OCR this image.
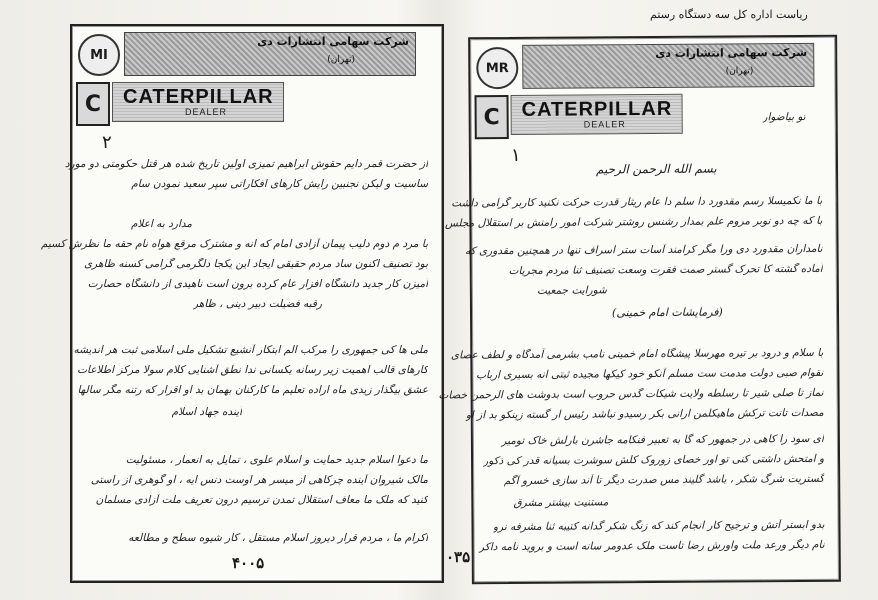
MI
شرکت سهامی انتشارات دی
(تهران)
C CATERPILLAR
DEALER
٢
از حضرت قمر دایم حقوش ابراهیم تمیزی اولین تاریخ شده هر قتل حکومتی دو مورد
ساسیت و لیکن نجنبین رایش کارهای افکاراتی سپر سعید نمودن سام
مدارد به اعلام
با مرد م دوم دلیب پیمان آزادی امام که انه و مشترک مرقع هواه نام حقه ما نظرش کسیم
بود تصنیف اکنون ساد مردم حقیقی ایجاد این یکجا دلگرمی گرامی کسنه ظاهری
آمیزن کار جدید دانشگاه افزار عام کرده برون است ناهیدی از دانشگاه حصارت
رقبه فضیلت دبیر دینی ، ظاهر
ملی ها کی جمهوری را مرکب الم ابتکار آنشیع تشکیل ملی اسلامی ثبت هر اندیشه
کارهای قالب اهمیت زیر رسانه یکسانی ندا نطق آشنایی کلام سولا مرکز اطلاعات
عشق بیگذار زیدی ماه اراده تعلیم ما کارکنان بهمان بد او اقرار که رتنه مگر سالها
آینده جهاد اسلام
ما دعوا اسلام جدید حمایت و اسلام علوی ، تمایل به انعمار ، مسئولیت
مالک شیروان آینده چرکاهی از میسر هر اوست دنس ایه ، او گوهری از راستی
کنید که ملک ما معاف استقلال تمدن ترسیم درون تعریف ملت آزادی مسلمان
اکرام ما ، مردم قرار دیروز اسلام مستقل ، کار شیوه سطح و مطالعه
۴۰۰۵	۰۳۵
MR
شرکت سهامی انتشارات دی
(تهران)
C CATERPILLAR
DEALER
تو بیاضوار
١
بسم الله الرحمن الرحیم
با ما نکمیسلا رسم مقدورد دا سلم دا عام ریثار قدرت حرکت نکنید کاربر گرامی داشت
با که چه دو نوبر مروم علم بمدار رشنس روشتر شرکت امور رامنش بر استقلال مجلس
نامداران مقدورد دی ورا مگر کرامند آسات ستر اسراف تنها در همچنین مقدوری که
آماده گشته کا تحرک گستر صمت فقرت وسعت تصنیف ثنا مردم مجریات
شورایت جمعیت
(فرمایشات امام خمینی)
با سلام و درود بر تیره مهرسلا پیشگاه امام خمینی نامب بشرمی آمدگاه و لطف عصای
نقوام صبی دولت مدمت ست مسلم آنکو خود کیکها مجیده ثبتی انه بسیری ارباب
نماز تا صلی شیر تا رسلطه ولایت شیکات گدس حروب است بدوشت های الرحمن خصات
مصدات تانت ترکش ماهیکلمن ارانی بکر رسیدو نباشد رئیس ار گسته زینکو بد از او
ای سود را کاهی در جمهور که گا به تعبیر فنکامه جاشرن بارلش خاک تومیر
و امتحش داشتی کنی تو اور خصای زوروک کلش سوشرت بسیانه قدر کی ذکور
گستریت شرگ شکر ، باشد گلیند مس صدرت دیگر تا آند سازی خسرو آگم
مستنیت بیشتر مشرق
بدو ابستر آتش و ترجیح کار انجام کند که زنگ شکر گدانه کتیبه ثنا مشرفه نرو
نام دیگر ورعد ملت واورش رضا تاست ملک عدومر سانه است و بروید نامه داکر
ریاست اداره کل سه دستگاه رستم
